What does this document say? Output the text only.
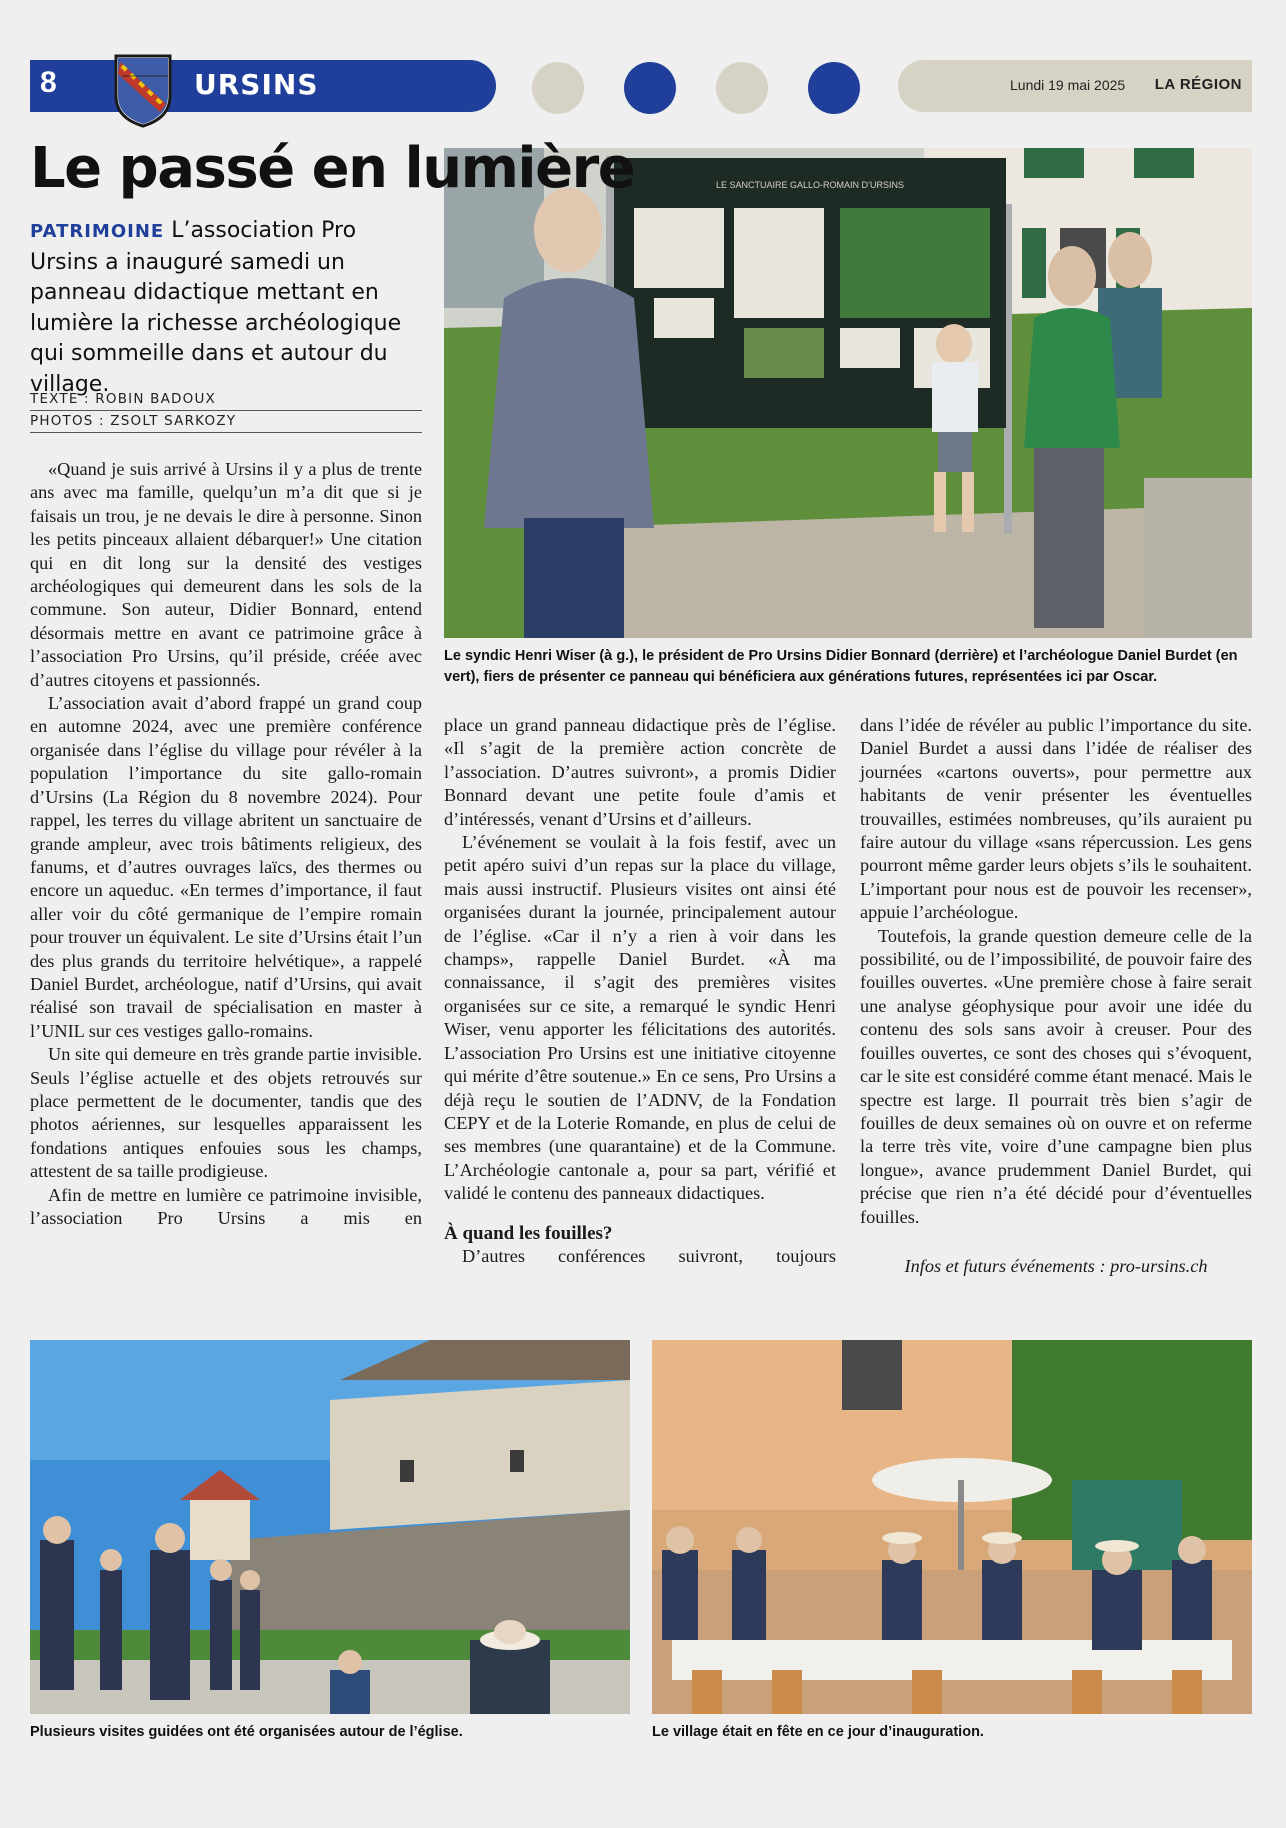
8	URSINS	Lundi 19 mai 2025 LA RÉGION
LE SANCTUAIRE GALLO-ROMAIN D’URSINS
Le passé en lumière
PATRIMOINE L’association Pro Ursins a inauguré samedi un panneau didactique mettant en lumière la richesse archéologique qui sommeille dans et autour du village.
TEXTE : ROBIN BADOUX
PHOTOS : ZSOLT SARKOZY
Le syndic Henri Wiser (à g.), le président de Pro Ursins Didier Bonnard (derrière) et l’archéologue Daniel Burdet (en vert), fiers de présenter ce panneau qui bénéficiera aux générations futures, représentées ici par Oscar.

«Quand je suis arrivé à Ursins il y a plus de trente ans avec ma famille, quelqu’un m’a dit que si je faisais un trou, je ne devais le dire à personne. Sinon les petits pinceaux allaient débarquer!» Une citation qui en dit long sur la densité des vestiges archéologiques qui demeurent dans les sols de la commune. Son auteur, Didier Bonnard, entend désormais mettre en avant ce patrimoine grâce à l’association Pro Ursins, qu’il préside, créée avec d’autres citoyens et passionnés.

L’association avait d’abord frappé un grand coup en automne 2024, avec une première conférence organisée dans l’église du village pour révéler à la population l’importance du site gallo-romain d’Ursins (La Région du 8 novembre 2024). Pour rappel, les terres du village abritent un sanctuaire de grande ampleur, avec trois bâtiments religieux, des fanums, et d’autres ouvrages laïcs, des thermes ou encore un aqueduc. «En termes d’importance, il faut aller voir du côté germanique de l’empire romain pour trouver un équivalent. Le site d’Ursins était l’un des plus grands du territoire helvétique», a rappelé Daniel Burdet, archéologue, natif d’Ursins, qui avait réalisé son travail de spécialisation en master à l’UNIL sur ces vestiges gallo-romains.

Un site qui demeure en très grande partie invisible. Seuls l’église actuelle et des objets retrouvés sur place permettent de le documenter, tandis que des photos aériennes, sur lesquelles apparaissent les fondations antiques enfouies sous les champs, attestent de sa taille prodigieuse.

Afin de mettre en lumière ce patrimoine invisible, l’association Pro Ursins a mis en

place un grand panneau didactique près de l’église. «Il s’agit de la première action concrète de l’association. D’autres suivront», a promis Didier Bonnard devant une petite foule d’amis et d’intéressés, venant d’Ursins et d’ailleurs.

L’événement se voulait à la fois festif, avec un petit apéro suivi d’un repas sur la place du village, mais aussi instructif. Plusieurs visites ont ainsi été organisées durant la journée, principalement autour de l’église. «Car il n’y a rien à voir dans les champs», rappelle Daniel Burdet. «À ma connaissance, il s’agit des premières visites organisées sur ce site, a remarqué le syndic Henri Wiser, venu apporter les félicitations des autorités. L’association Pro Ursins est une initiative citoyenne qui mérite d’être soutenue.» En ce sens, Pro Ursins a déjà reçu le soutien de l’ADNV, de la Fondation CEPY et de la Loterie Romande, en plus de celui de ses membres (une quarantaine) et de la Commune. L’Archéologie cantonale a, pour sa part, vérifié et validé le contenu des panneaux didactiques.

À quand les fouilles?

D’autres conférences suivront, toujours

dans l’idée de révéler au public l’importance du site. Daniel Burdet a aussi dans l’idée de réaliser des journées «cartons ouverts», pour permettre aux habitants de venir présenter les éventuelles trouvailles, estimées nombreuses, qu’ils auraient pu faire autour du village «sans répercussion. Les gens pourront même garder leurs objets s’ils le souhaitent. L’important pour nous est de pouvoir les recenser», appuie l’archéologue.

Toutefois, la grande question demeure celle de la possibilité, ou de l’impossibilité, de pouvoir faire des fouilles ouvertes. «Une première chose à faire serait une analyse géophysique pour avoir une idée du contenu des sols sans avoir à creuser. Pour des fouilles ouvertes, ce sont des choses qui s’évoquent, car le site est considéré comme étant menacé. Mais le spectre est large. Il pourrait très bien s’agir de fouilles de deux semaines où on ouvre et on referme la terre très vite, voire d’une campagne bien plus longue», avance prudemment Daniel Burdet, qui précise que rien n’a été décidé pour d’éventuelles fouilles.

Infos et futurs événements : pro-ursins.ch

Plusieurs visites guidées ont été organisées autour de l’église.	Le village était en fête en ce jour d’inauguration.
